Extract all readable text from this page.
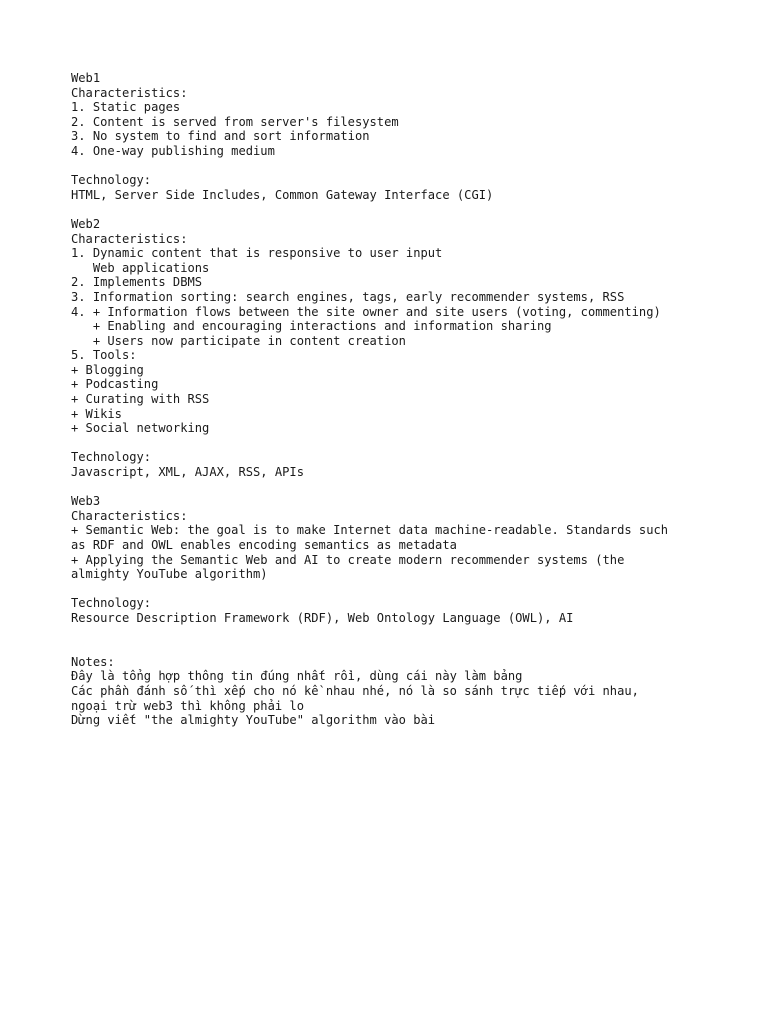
Web1
Characteristics:
1. Static pages
2. Content is served from server's filesystem
3. No system to find and sort information
4. One-way publishing medium
Technology:
HTML, Server Side Includes, Common Gateway Interface (CGI)
Web2
Characteristics:
1. Dynamic content that is responsive to user input
Web applications
2. Implements DBMS
3. Information sorting: search engines, tags, early recommender systems, RSS
4. + Information flows between the site owner and site users (voting, commenting)
+ Enabling and encouraging interactions and information sharing
+ Users now participate in content creation
5. Tools:
+ Blogging
+ Podcasting
+ Curating with RSS
+ Wikis
+ Social networking
Technology:
Javascript, XML, AJAX, RSS, APIs
Web3
Characteristics:
+ Semantic Web: the goal is to make Internet data machine-readable. Standards such
as RDF and OWL enables encoding semantics as metadata
+ Applying the Semantic Web and AI to create modern recommender systems (the
almighty YouTube algorithm)
Technology:
Resource Description Framework (RDF), Web Ontology Language (OWL), AI
Notes:
Đây là tổng hợp thông tin đúng nhất rồi, dùng cái này làm bảng
Các phần đánh số thì xếp cho nó kề nhau nhé, nó là so sánh trực tiếp với nhau,
ngoại trừ web3 thì không phải lo
Dừng viết "the almighty YouTube" algorithm vào bài
